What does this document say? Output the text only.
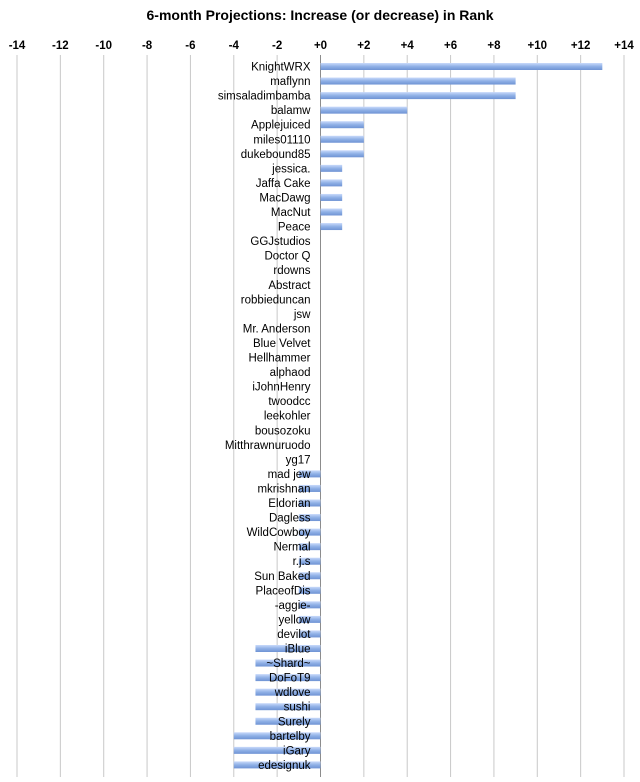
6-month Projections: Increase (or decrease) in Rank
-14 -12 -10	-8	-6	-4	-2	+0	+2	+4	+6	+8 +10 +12 +14
KnightWRX
maflynn
simsaladimbamba
balamw
Applejuiced
miles01110
dukebound85
jessica.
Jaffa Cake
MacDawg
MacNut
Peace
GGJstudios
Doctor Q
rdowns
Abstract
robbieduncan
jsw
Mr. Anderson
Blue Velvet
Hellhammer
alphaod
iJohnHenry
twoodcc
leekohler
bousozoku
Mitthrawnuruodo
yg17
mad jew
mkrishnan
Eldorian
Dagless
WildCowboy
Nermal
r.j.s
Sun Baked
PlaceofDis
-aggie-
yellow
devilot
iBlue
~Shard~
DoFoT9
wdlove
sushi
Surely
bartelby
iGary
edesignuk
